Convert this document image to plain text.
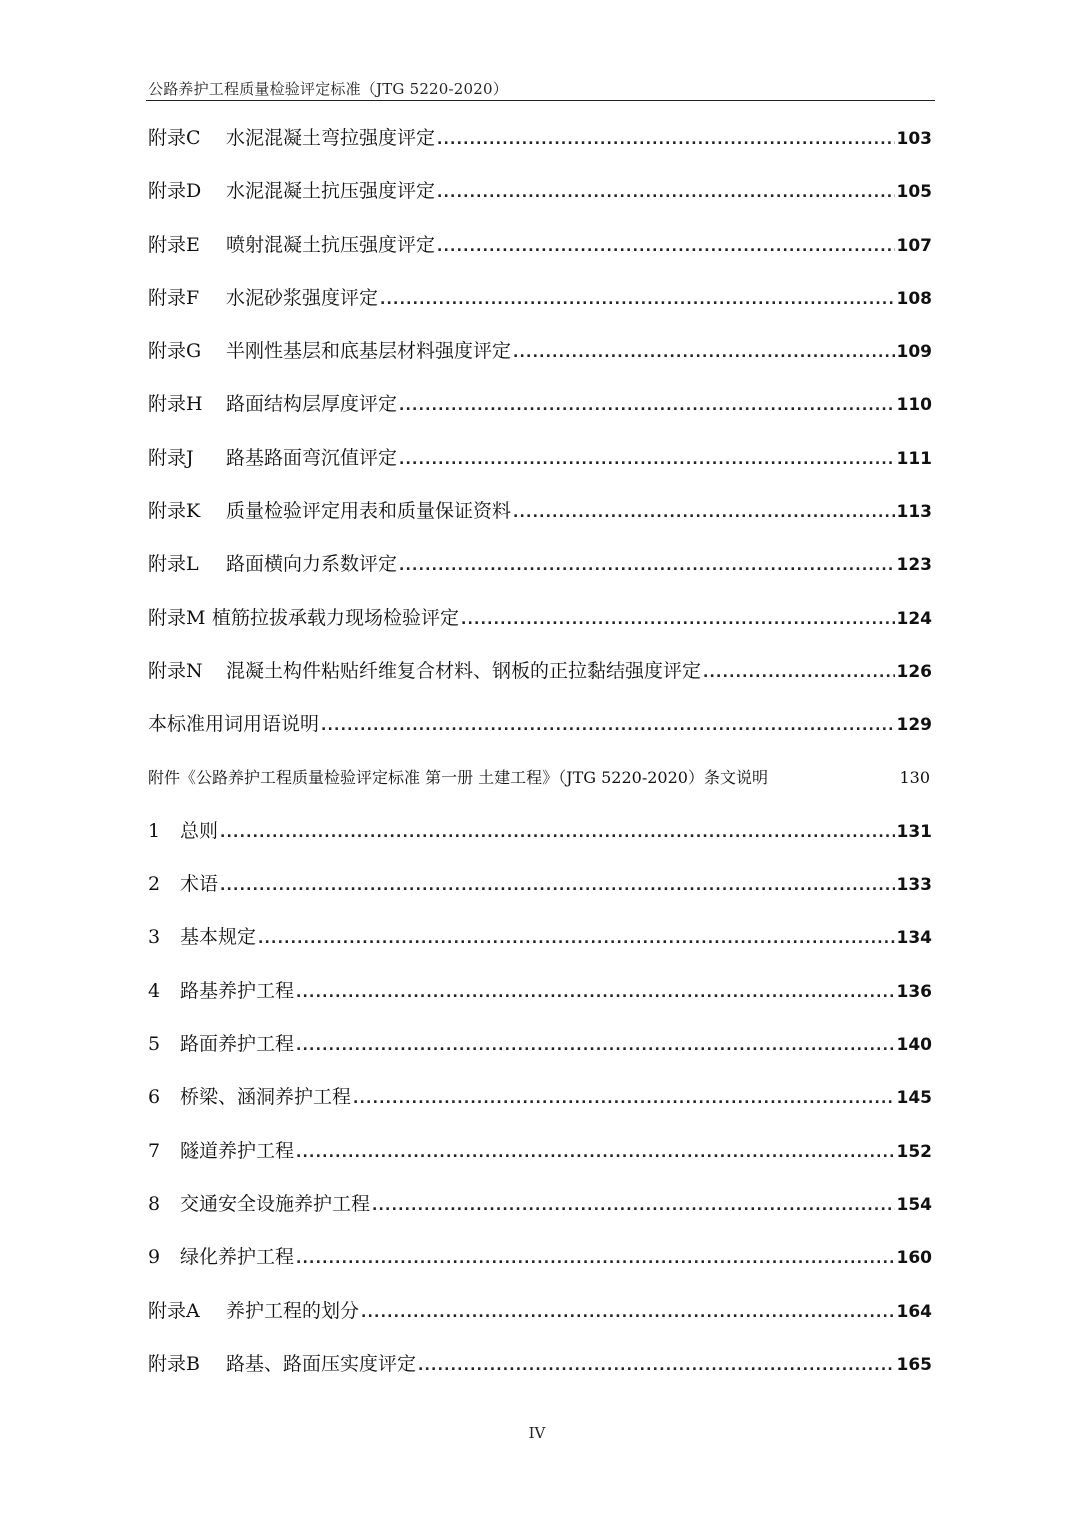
公路养护工程质量检验评定标准（JTG 5220-2020）
附录C	水泥混凝土弯拉强度评定 .....	103
附录D	水泥混凝土抗压强度评定 .....	105
附录E	喷射混凝土抗压强度评定 .....	107
附录F	水泥砂浆强度评定 .....	108
附录G	半刚性基层和底基层材料强度评定 .....	109
附录H	路面结构层厚度评定 .....	110
附录J	路基路面弯沉值评定 .....	111
附录K	质量检验评定用表和质量保证资料 .....	113
附录L	路面横向力系数评定 .....	123
附录M 植筋拉拔承载力现场检验评定 .....	124
附录N	混凝土构件粘贴纤维复合材料、钢板的正拉黏结强度评定 .....	126
本标准用词用语说明 .....	129
附件《公路养护工程质量检验评定标准 第一册 土建工程》（JTG 5220-2020）条文说明	130
1	总则 .....	131
2	术语 .....	133
3	基本规定 .....	134
4	路基养护工程 .....	136
5	路面养护工程 .....	140
6	桥梁、涵洞养护工程 .....	145
7	隧道养护工程 .....	152
8	交通安全设施养护工程 .....	154
9	绿化养护工程 .....	160
附录A	养护工程的划分 .....	164
附录B	路基、路面压实度评定 .....	165
IV
